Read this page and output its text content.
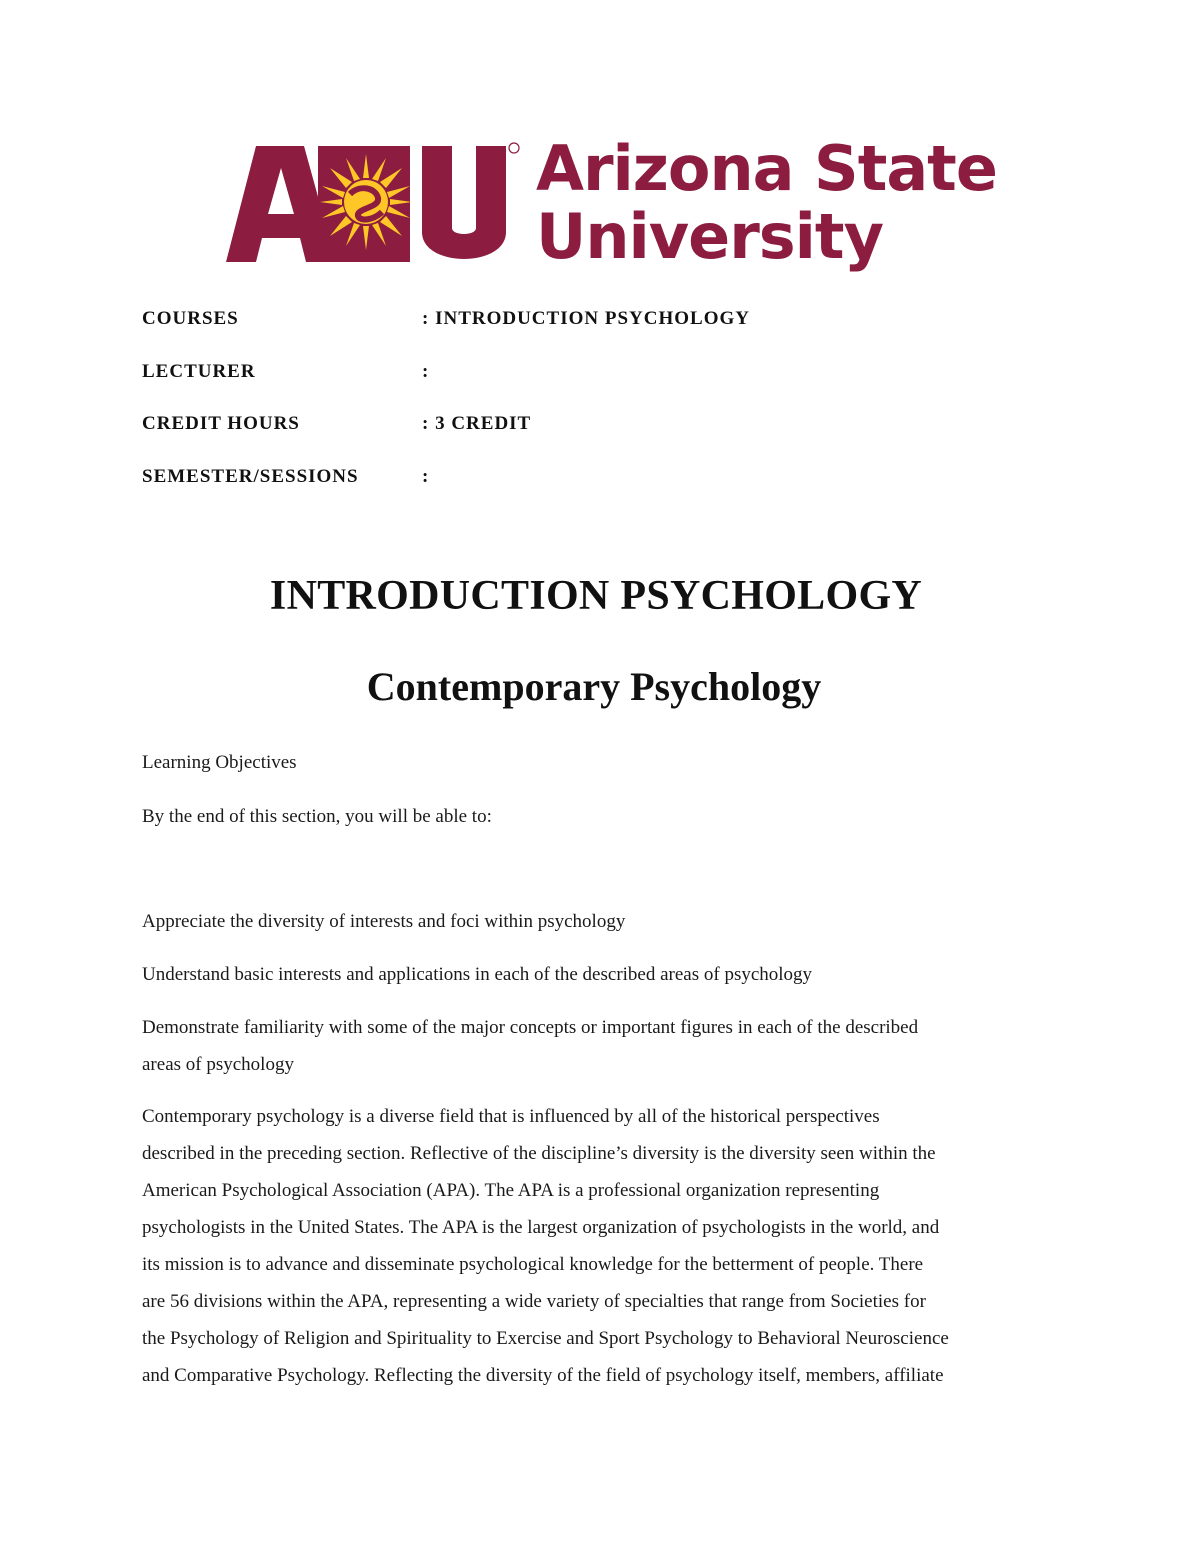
Arizona State
University
COURSES	: INTRODUCTION PSYCHOLOGY
LECTURER	:
CREDIT HOURS	: 3 CREDIT
SEMESTER/SESSIONS	:
INTRODUCTION PSYCHOLOGY
Contemporary Psychology
Learning Objectives
By the end of this section, you will be able to:
Appreciate the diversity of interests and foci within psychology
Understand basic interests and applications in each of the described areas of psychology
Demonstrate familiarity with some of the major concepts or important figures in each of the described
areas of psychology
Contemporary psychology is a diverse field that is influenced by all of the historical perspectives
described in the preceding section. Reflective of the discipline’s diversity is the diversity seen within the
American Psychological Association (APA). The APA is a professional organization representing
psychologists in the United States. The APA is the largest organization of psychologists in the world, and
its mission is to advance and disseminate psychological knowledge for the betterment of people. There
are 56 divisions within the APA, representing a wide variety of specialties that range from Societies for
the Psychology of Religion and Spirituality to Exercise and Sport Psychology to Behavioral Neuroscience
and Comparative Psychology. Reflecting the diversity of the field of psychology itself, members, affiliate
